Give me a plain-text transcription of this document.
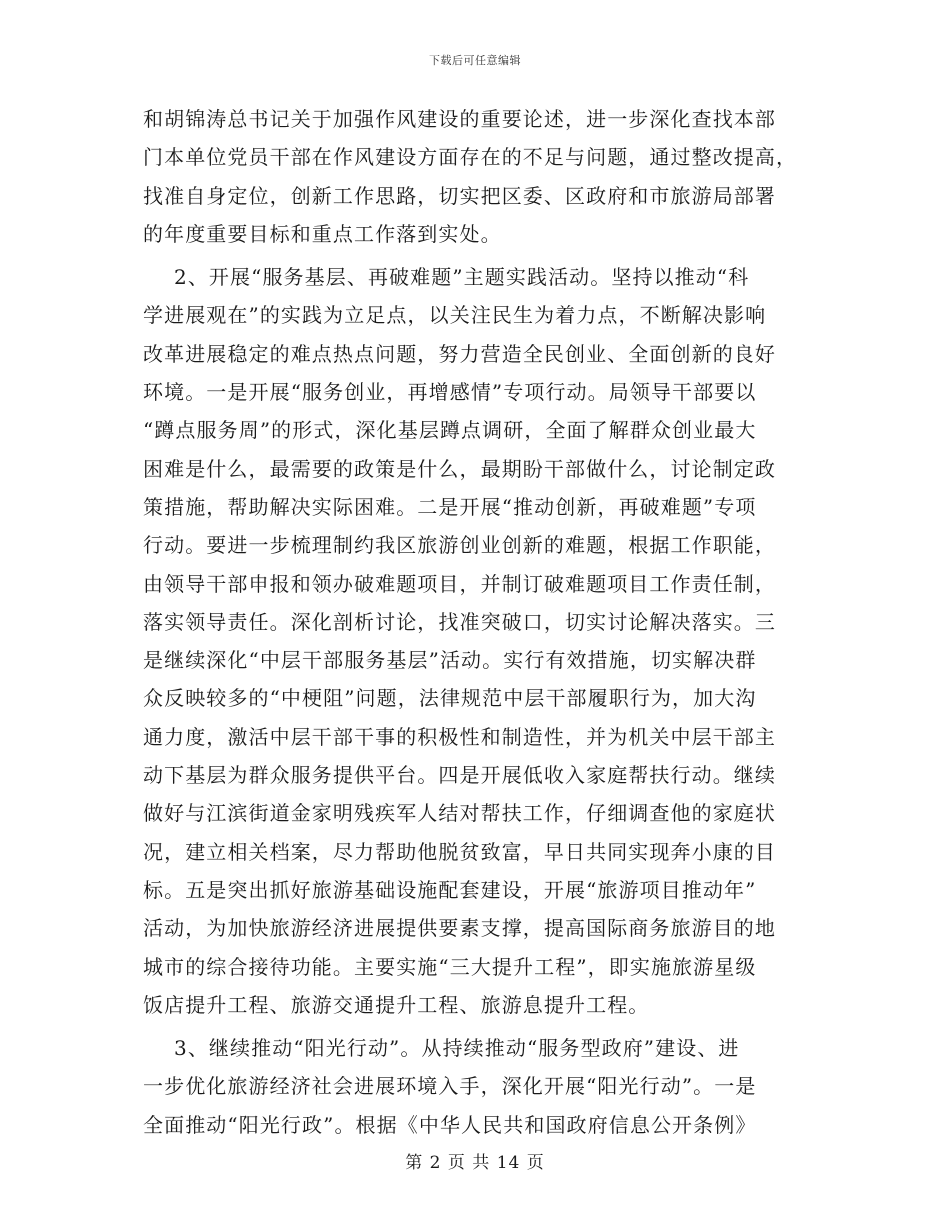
下载后可任意编辑
和胡锦涛总书记关于加强作风建设的重要论述，进一步深化查找本部
门本单位党员干部在作风建设方面存在的不足与问题，通过整改提高，
找准自身定位，创新工作思路，切实把区委、区政府和市旅游局部署
的年度重要目标和重点工作落到实处。
2、开展“服务基层、再破难题”主题实践活动。坚持以推动“科
学进展观在”的实践为立足点，以关注民生为着力点，不断解决影响
改革进展稳定的难点热点问题，努力营造全民创业、全面创新的良好
环境。一是开展“服务创业，再增感情”专项行动。局领导干部要以
“蹲点服务周”的形式，深化基层蹲点调研，全面了解群众创业最大
困难是什么，最需要的政策是什么，最期盼干部做什么，讨论制定政
策措施，帮助解决实际困难。二是开展“推动创新，再破难题”专项
行动。要进一步梳理制约我区旅游创业创新的难题，根据工作职能，
由领导干部申报和领办破难题项目，并制订破难题项目工作责任制，
落实领导责任。深化剖析讨论，找准突破口，切实讨论解决落实。三
是继续深化“中层干部服务基层”活动。实行有效措施，切实解决群
众反映较多的“中梗阻”问题，法律规范中层干部履职行为，加大沟
通力度，激活中层干部干事的积极性和制造性，并为机关中层干部主
动下基层为群众服务提供平台。四是开展低收入家庭帮扶行动。继续
做好与江滨街道金家明残疾军人结对帮扶工作，仔细调查他的家庭状
况，建立相关档案，尽力帮助他脱贫致富，早日共同实现奔小康的目
标。五是突出抓好旅游基础设施配套建设，开展“旅游项目推动年”
活动，为加快旅游经济进展提供要素支撑，提高国际商务旅游目的地
城市的综合接待功能。主要实施“三大提升工程”，即实施旅游星级
饭店提升工程、旅游交通提升工程、旅游息提升工程。
3、继续推动“阳光行动”。从持续推动“服务型政府”建设、进
一步优化旅游经济社会进展环境入手，深化开展“阳光行动”。一是
全面推动“阳光行政”。根据《中华人民共和国政府信息公开条例》
第 2 页 共 14 页
